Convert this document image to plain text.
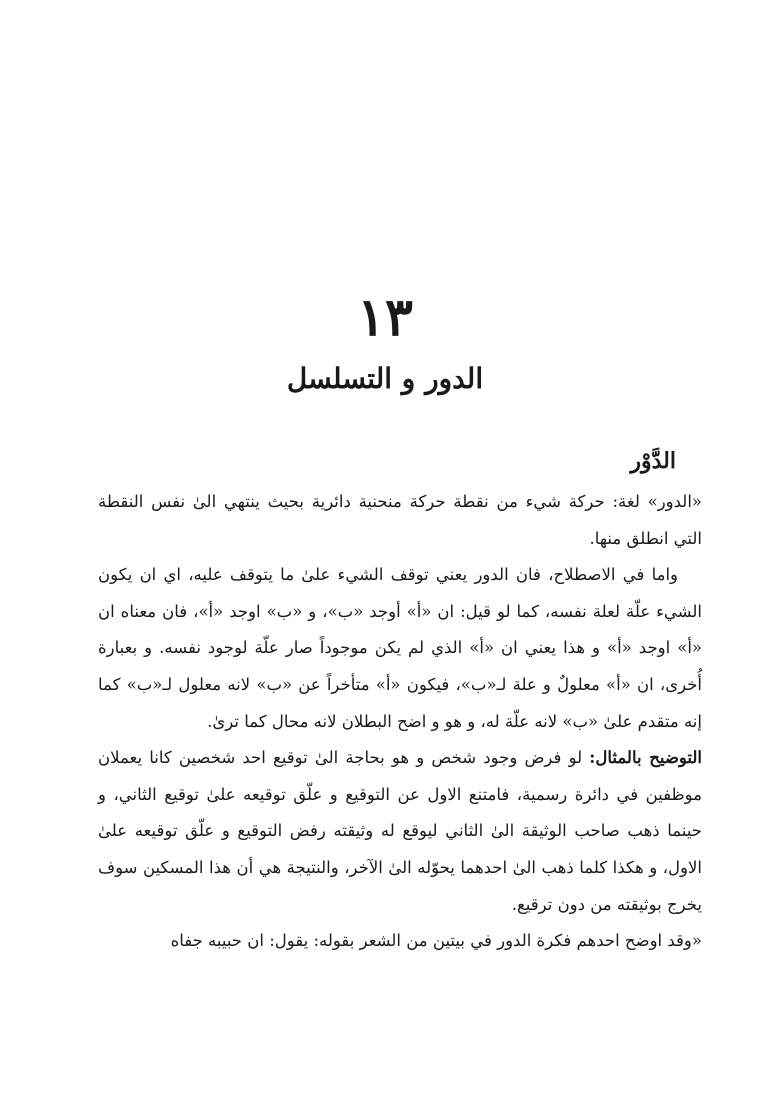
١٣
الدور و التسلسل
الدَّوْر

«الدور» لغة: حركة شيء من نقطة حركة منحنية دائرية بحيث ينتهي الىٰ نفس النقطة التي انطلق منها.

واما في الاصطلاح، فان الدور يعني توقف الشيء علىٰ ما يتوقف عليه، اي ان يكون الشيء علّة لعلة نفسه، كما لو قيل: ان «أ» أوجد «ب»، و «ب» اوجد «أ»، فان معناه ان «أ» اوجد «أ» و هذا يعني ان «أ» الذي لم يكن موجوداً صار علّة لوجود نفسه. و بعبارة أُخرى، ان «أ» معلولٌ و علة لـ«ب»، فيكون «أ» متأخراً عن «ب» لانه معلول لـ«ب» كما إنه متقدم علىٰ «ب» لانه علّة له، و هو و اضح البطلان لانه محال كما ترىٰ.

التوضيح بالمثال: لو فرض وجود شخص و هو بحاجة الىٰ توقيع احد شخصين كانا يعملان موظفين في دائرة رسمية، فامتنع الاول عن التوقيع و علّق توقيعه علىٰ توقيع الثاني، و حينما ذهب صاحب الوثيقة الىٰ الثاني ليوقع له وثيقته رفض التوقيع و علّق توقيعه علىٰ الاول، و هكذا كلما ذهب الىٰ احدهما يحوّله الىٰ الآخر، والنتيجة هي أن هذا المسكين سوف يخرج بوثيقته من دون ترقيع.

«وقد اوضح احدهم فكرة الدور في بيتين من الشعر بقوله: يقول: ان حبيبه جفاه
